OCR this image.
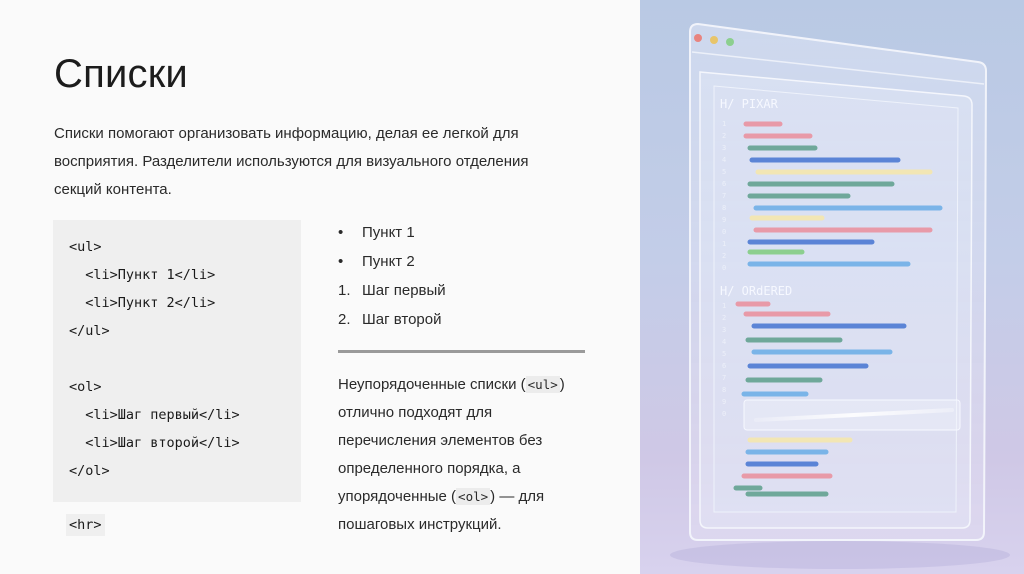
Списки
Списки помогают организовать информацию, делая ее легкой для восприятия. Разделители используются для визуального отделения секций контента.
<ul>
<li>Пункт 1</li>
<li>Пункт 2</li>
</ul>
<ol>
<li>Шаг первый</li>
<li>Шаг второй</li>
</ol>
<hr>
• Пункт 1
• Пункт 2
1. Шаг первый
2. Шаг второй
Неупорядоченные списки ( <ul> ) отлично подходят для перечисления элементов без определенного порядка, а упорядоченные ( <ol> ) — для пошаговых инструкций.
H/ PIXAR
H/ ORdERED
1
2
3
4
5
6
7
8
9
0
1
2
0
1
2
3
4
5
6
7
8
9
0
